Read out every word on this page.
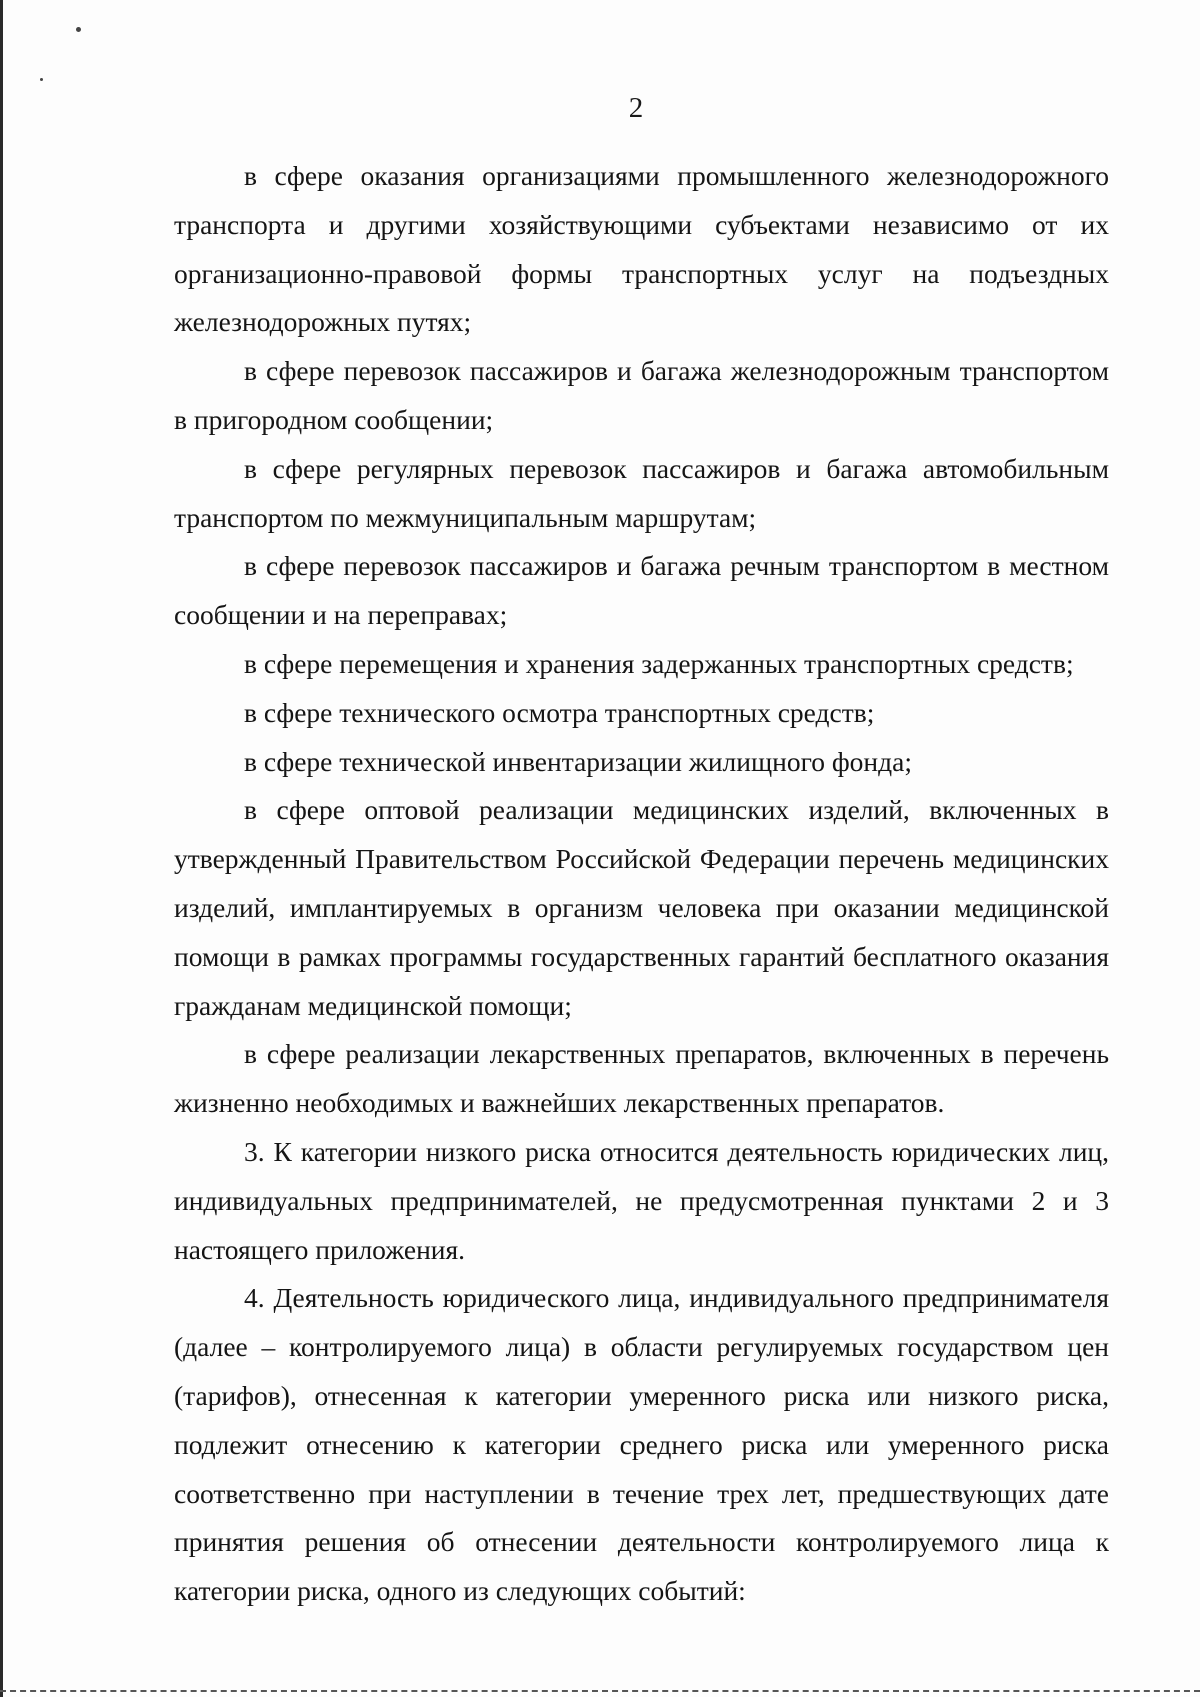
2

в сфере оказания организациями промышленного железнодорожного транспорта и другими хозяйствующими субъектами независимо от их организационно-правовой формы транспортных услуг на подъездных железнодорожных путях;

в сфере перевозок пассажиров и багажа железнодорожным транспортом в пригородном сообщении;

в сфере регулярных перевозок пассажиров и багажа автомобильным транспортом по межмуниципальным маршрутам;

в сфере перевозок пассажиров и багажа речным транспортом в местном сообщении и на переправах;

в сфере перемещения и хранения задержанных транспортных средств;

в сфере технического осмотра транспортных средств;

в сфере технической инвентаризации жилищного фонда;

в сфере оптовой реализации медицинских изделий, включенных в утвержденный Правительством Российской Федерации перечень медицинских изделий, имплантируемых в организм человека при оказании медицинской помощи в рамках программы государственных гарантий бесплатного оказания гражданам медицинской помощи;

в сфере реализации лекарственных препаратов, включенных в перечень жизненно необходимых и важнейших лекарственных препаратов.

3. К категории низкого риска относится деятельность юридических лиц, индивидуальных предпринимателей, не предусмотренная пунктами 2 и 3 настоящего приложения.

4. Деятельность юридического лица, индивидуального предпринимателя (далее – контролируемого лица) в области регулируемых государством цен (тарифов), отнесенная к категории умеренного риска или низкого риска, подлежит отнесению к категории среднего риска или умеренного риска соответственно при наступлении в течение трех лет, предшествующих дате принятия решения об отнесении деятельности контролируемого лица к категории риска, одного из следующих событий:
